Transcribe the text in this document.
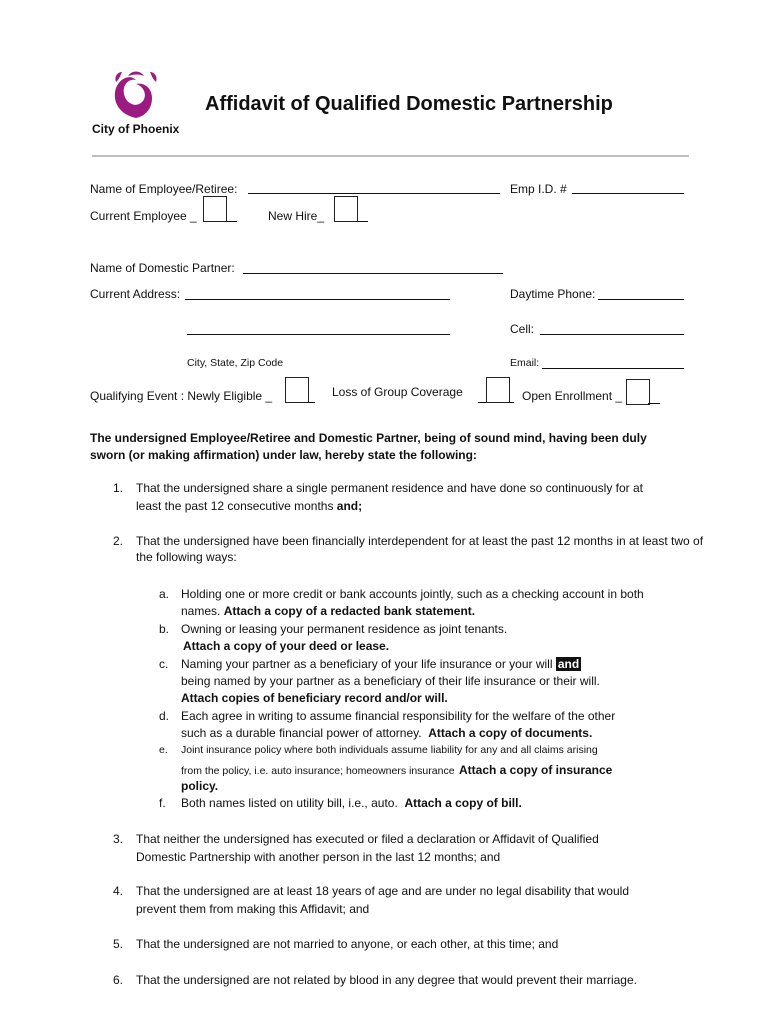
Affidavit of Qualified Domestic Partnership
City of Phoenix
Name of Employee/Retiree:	Emp I.D. #
Current Employee _	New Hire_
Name of Domestic Partner:
Current Address:	Daytime Phone:
Cell:
City, State, Zip Code	Email:
Qualifying Event : Newly Eligible _	Loss of Group Coverage	Open Enrollment _
The undersigned Employee/Retiree and Domestic Partner, being of sound mind, having been duly
sworn (or making affirmation) under law, hereby state the following:
1. That the undersigned share a single permanent residence and have done so continuously for at
least the past 12 consecutive months and;
2. That the undersigned have been financially interdependent for at least the past 12 months in at least two of
the following ways:
a. Holding one or more credit or bank accounts jointly, such as a checking account in both
names. Attach a copy of a redacted bank statement.
b. Owning or leasing your permanent residence as joint tenants.
Attach a copy of your deed or lease.
c. Naming your partner as a beneficiary of your life insurance or your will and
being named by your partner as a beneficiary of their life insurance or their will.
Attach copies of beneficiary record and/or will.
d. Each agree in writing to assume financial responsibility for the welfare of the other
such as a durable financial power of attorney. Attach a copy of documents.
e. Joint insurance policy where both individuals assume liability for any and all claims arising
from the policy, i.e. auto insurance; homeowners insurance Attach a copy of insurance
policy.
f. Both names listed on utility bill, i.e., auto. Attach a copy of bill.
3. That neither the undersigned has executed or filed a declaration or Affidavit of Qualified
Domestic Partnership with another person in the last 12 months; and
4. That the undersigned are at least 18 years of age and are under no legal disability that would
prevent them from making this Affidavit; and
5. That the undersigned are not married to anyone, or each other, at this time; and
6. That the undersigned are not related by blood in any degree that would prevent their marriage.
